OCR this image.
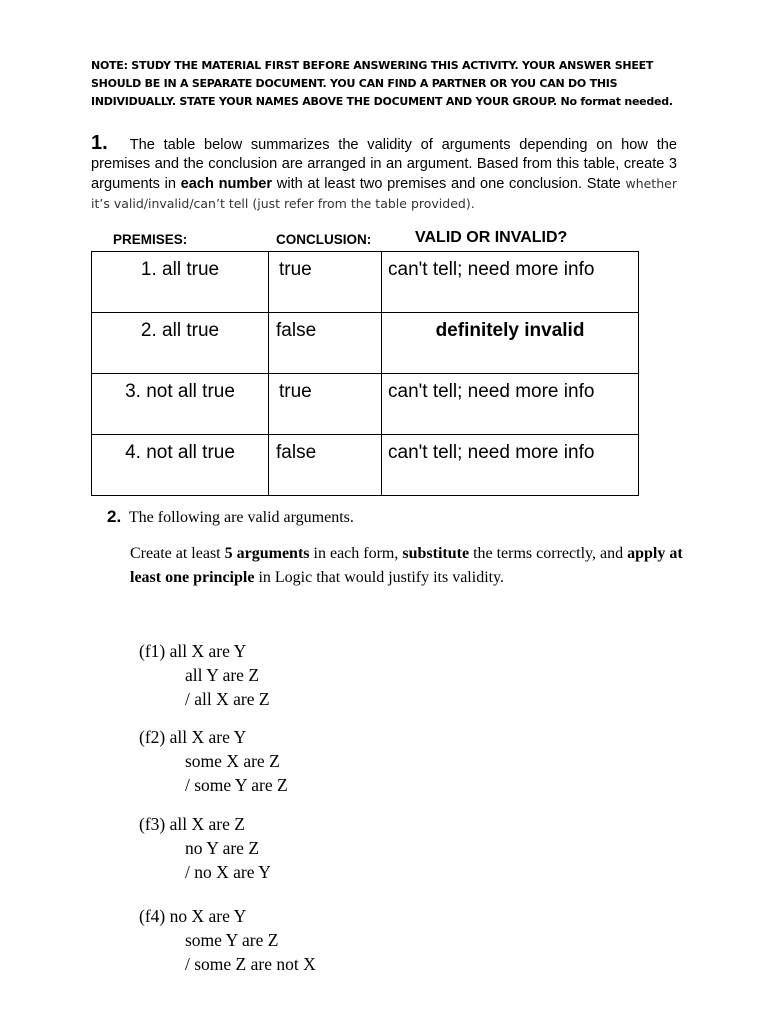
NOTE: STUDY THE MATERIAL FIRST BEFORE ANSWERING THIS ACTIVITY. YOUR ANSWER SHEET SHOULD BE IN A SEPARATE DOCUMENT. YOU CAN FIND A PARTNER OR YOU CAN DO THIS INDIVIDUALLY. STATE YOUR NAMES ABOVE THE DOCUMENT AND YOUR GROUP. No format needed.
1. The table below summarizes the validity of arguments depending on how the premises and the conclusion are arranged in an argument. Based from this table, create 3 arguments in each number with at least two premises and one conclusion. State whether it’s valid/invalid/can’t tell (just refer from the table provided).
PREMISES:	CONCLUSION:	VALID OR INVALID?
1. all true	true	can't tell; need more info
2. all true	false	definitely invalid
3. not all true	true	can't tell; need more info
4. not all true	false	can't tell; need more info
2. The following are valid arguments.
Create at least 5 arguments in each form, substitute the terms correctly, and apply at least one principle in Logic that would justify its validity.
(f1) all X are Y
all Y are Z
/ all X are Z
(f2) all X are Y
some X are Z
/ some Y are Z
(f3) all X are Z
no Y are Z
/ no X are Y
(f4) no X are Y
some Y are Z
/ some Z are not X
